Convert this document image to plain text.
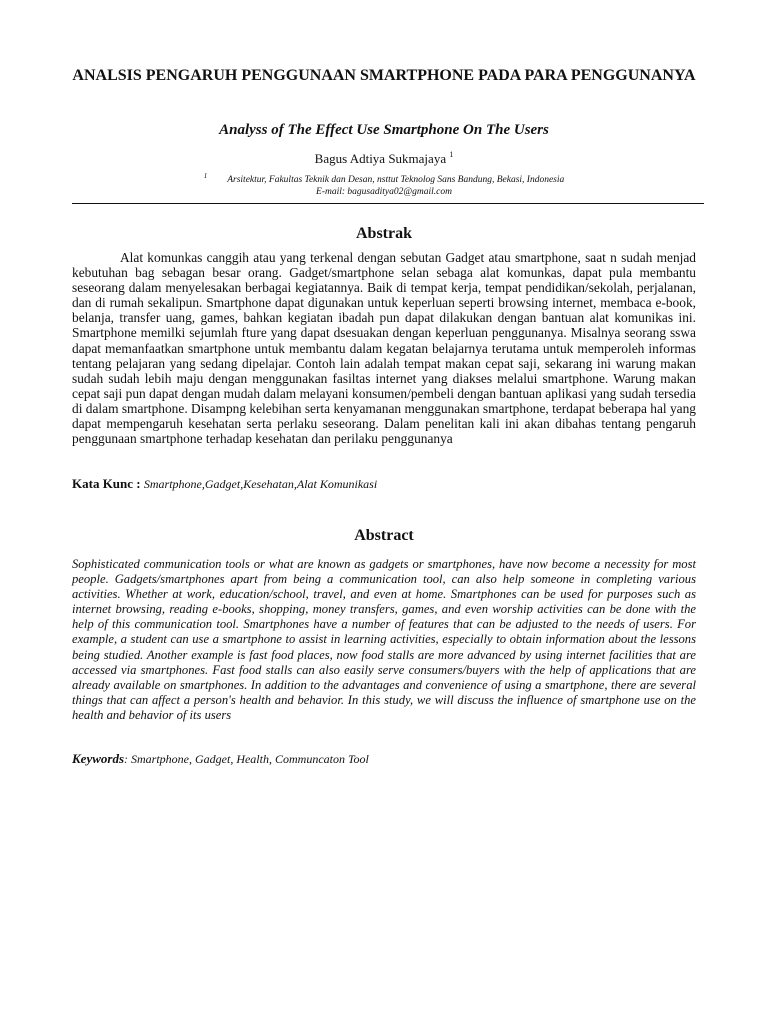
ANALSIS PENGARUH PENGGUNAAN SMARTPHONE PADA PARA PENGGUNANYA
Analyss of The Effect Use Smartphone On The Users
Bagus Adtiya Sukmajaya $^1$
$^1$ Arsitektur, Fakultas Teknik dan Desan, nsttut Teknolog Sans Bandung, Bekasi, Indonesia
E-mail: bagusaditya02@gmail.com
Abstrak
Alat komunkas canggih atau yang terkenal dengan sebutan Gadget atau smartphone, saat n sudah menjad kebutuhan bag sebagan besar orang. Gadget/smartphone selan sebaga alat komunkas, dapat pula membantu seseorang dalam menyelesakan berbagai kegiatannya. Baik di tempat kerja, tempat pendidikan/sekolah, perjalanan, dan di rumah sekalipun. Smartphone dapat digunakan untuk keperluan seperti browsing internet, membaca e-book, belanja, transfer uang, games, bahkan kegiatan ibadah pun dapat dilakukan dengan bantuan alat komunikas ini. Smartphone memilki sejumlah fture yang dapat dsesuakan dengan keperluan penggunanya. Misalnya seorang sswa dapat memanfaatkan smartphone untuk membantu dalam kegatan belajarnya terutama untuk memperoleh informas tentang pelajaran yang sedang dipelajar. Contoh lain adalah tempat makan cepat saji, sekarang ini warung makan sudah sudah lebih maju dengan menggunakan fasiltas internet yang diakses melalui smartphone. Warung makan cepat saji pun dapat dengan mudah dalam melayani konsumen/pembeli dengan bantuan aplikasi yang sudah tersedia di dalam smartphone. Disampng kelebihan serta kenyamanan menggunakan smartphone, terdapat beberapa hal yang dapat mempengaruh kesehatan serta perlaku seseorang. Dalam penelitan kali ini akan dibahas tentang pengaruh penggunaan smartphone terhadap kesehatan dan perilaku penggunanya
Kata Kunc : Smartphone,Gadget,Kesehatan,Alat Komunikasi
Abstract
Sophisticated communication tools or what are known as gadgets or smartphones, have now become a necessity for most people. Gadgets/smartphones apart from being a communication tool, can also help someone in completing various activities. Whether at work, education/school, travel, and even at home. Smartphones can be used for purposes such as internet browsing, reading e-books, shopping, money transfers, games, and even worship activities can be done with the help of this communication tool. Smartphones have a number of features that can be adjusted to the needs of users. For example, a student can use a smartphone to assist in learning activities, especially to obtain information about the lessons being studied. Another example is fast food places, now food stalls are more advanced by using internet facilities that are accessed via smartphones. Fast food stalls can also easily serve consumers/buyers with the help of applications that are already available on smartphones. In addition to the advantages and convenience of using a smartphone, there are several things that can affect a person's health and behavior. In this study, we will discuss the influence of smartphone use on the health and behavior of its users
Keywords: Smartphone, Gadget, Health, Communcaton Tool
